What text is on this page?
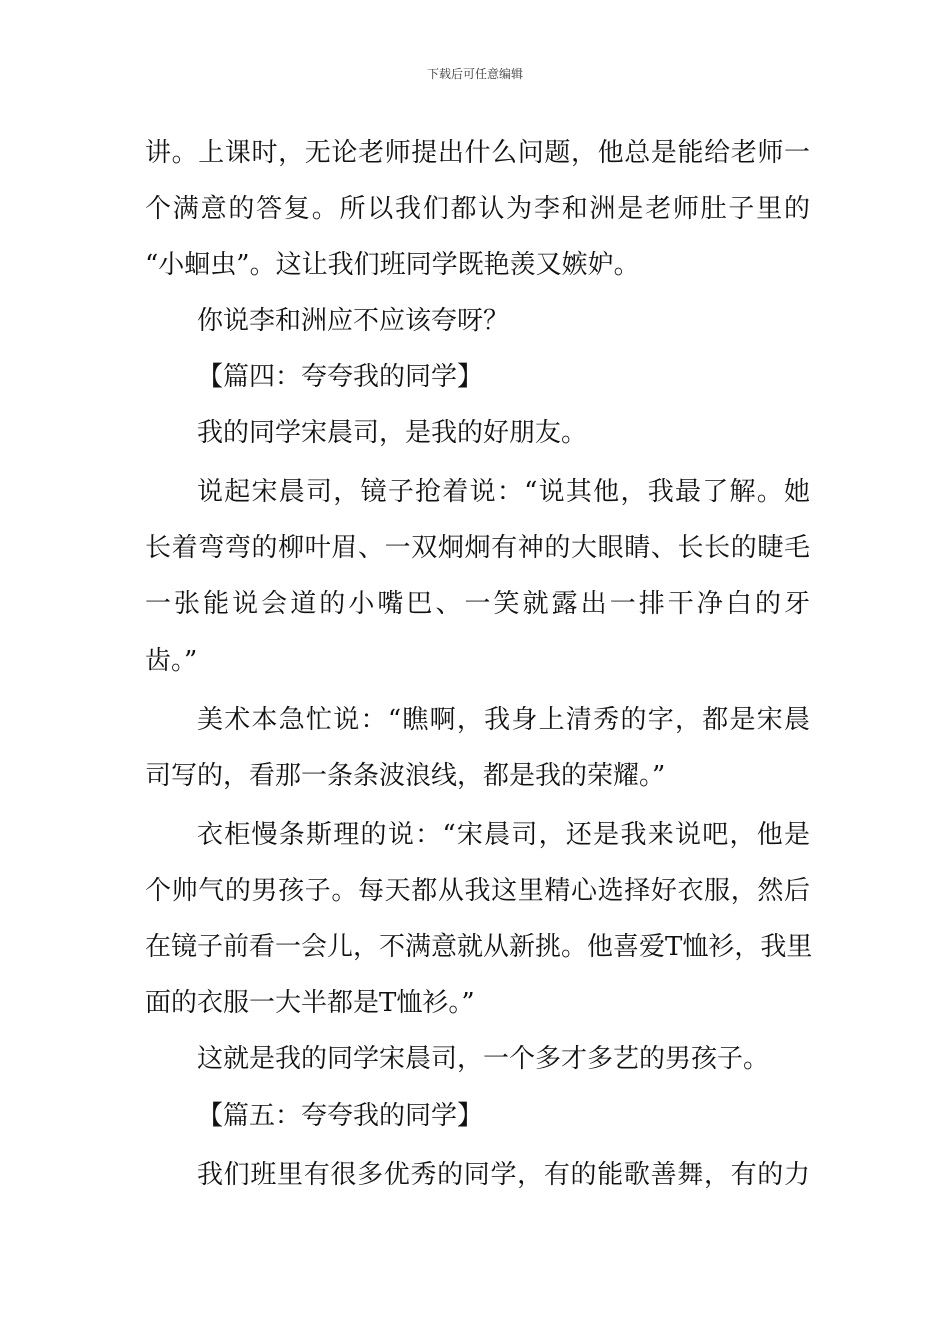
下载后可任意编辑
讲。上课时，无论老师提出什么问题，他总是能给老师一
个满意的答复。所以我们都认为李和洲是老师肚子里的
“小蛔虫”。这让我们班同学既艳羡又嫉妒。
你说李和洲应不应该夸呀？
【篇四：夸夸我的同学】
我的同学宋晨司，是我的好朋友。
说起宋晨司，镜子抢着说：“说其他，我最了解。她
长着弯弯的柳叶眉、一双炯炯有神的大眼睛、长长的睫毛
一张能说会道的小嘴巴、一笑就露出一排干净白的牙
齿。”
美术本急忙说：“瞧啊，我身上清秀的字，都是宋晨
司写的，看那一条条波浪线，都是我的荣耀。”
衣柜慢条斯理的说：“宋晨司，还是我来说吧，他是
个帅气的男孩子。每天都从我这里精心选择好衣服，然后
在镜子前看一会儿，不满意就从新挑。他喜爱T恤衫，我里
面的衣服一大半都是T恤衫。”
这就是我的同学宋晨司，一个多才多艺的男孩子。
【篇五：夸夸我的同学】
我们班里有很多优秀的同学，有的能歌善舞，有的力
